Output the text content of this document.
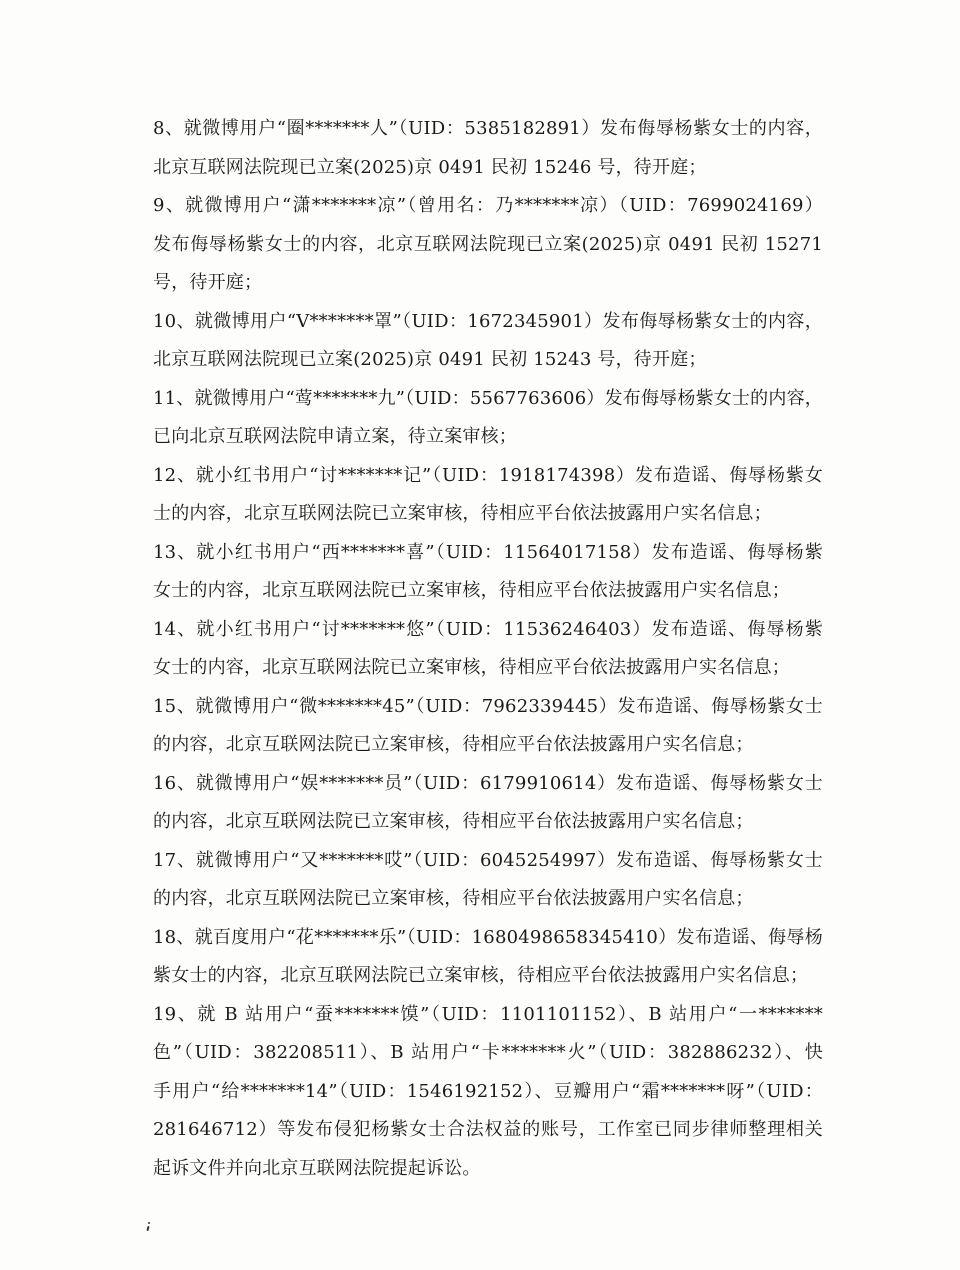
8、就微博用户“圈*******人”（UID：5385182891）发布侮辱杨紫女士的内容，
北京互联网法院现已立案(2025)京 0491 民初 15246 号，待开庭；
9、就微博用户“潇*******凉”（曾用名：乃*******凉）（UID：7699024169）
发布侮辱杨紫女士的内容，北京互联网法院现已立案(2025)京 0491 民初 15271
号，待开庭；
10、就微博用户“V*******罩”（UID：1672345901）发布侮辱杨紫女士的内容，
北京互联网法院现已立案(2025)京 0491 民初 15243 号，待开庭；
11、就微博用户“莺*******九”（UID：5567763606）发布侮辱杨紫女士的内容，
已向北京互联网法院申请立案，待立案审核；
12、就小红书用户“讨*******记”（UID：1918174398）发布造谣、侮辱杨紫女
士的内容，北京互联网法院已立案审核，待相应平台依法披露用户实名信息；
13、就小红书用户“西*******喜”（UID：11564017158）发布造谣、侮辱杨紫
女士的内容，北京互联网法院已立案审核，待相应平台依法披露用户实名信息；
14、就小红书用户“讨*******悠”（UID：11536246403）发布造谣、侮辱杨紫
女士的内容，北京互联网法院已立案审核，待相应平台依法披露用户实名信息；
15、就微博用户“微*******45”（UID：7962339445）发布造谣、侮辱杨紫女士
的内容，北京互联网法院已立案审核，待相应平台依法披露用户实名信息；
16、就微博用户“娱*******员”（UID：6179910614）发布造谣、侮辱杨紫女士
的内容，北京互联网法院已立案审核，待相应平台依法披露用户实名信息；
17、就微博用户“又*******哎”（UID：6045254997）发布造谣、侮辱杨紫女士
的内容，北京互联网法院已立案审核，待相应平台依法披露用户实名信息；
18、就百度用户“花*******乐”（UID：1680498658345410）发布造谣、侮辱杨
紫女士的内容，北京互联网法院已立案审核，待相应平台依法披露用户实名信息；
19、就 B 站用户“蚕*******馍”（UID：1101101152）、B 站用户“一*******
色”（UID：382208511）、B 站用户“卡*******火”（UID：382886232）、快
手用户“给*******14”（UID：1546192152）、豆瓣用户“霜*******呀”（UID：
281646712）等发布侵犯杨紫女士合法权益的账号，工作室已同步律师整理相关
起诉文件并向北京互联网法院提起诉讼。
